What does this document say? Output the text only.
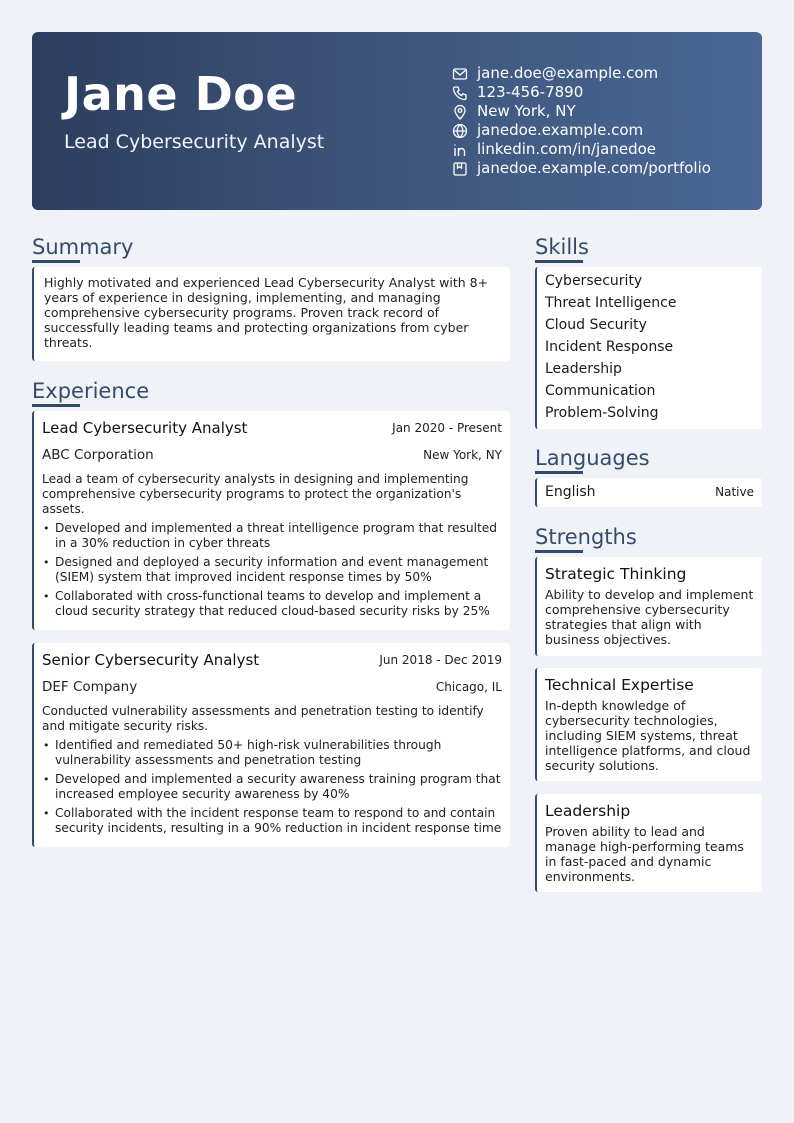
Jane Doe
Lead Cybersecurity Analyst
jane.doe@example.com
123-456-7890
New York, NY
janedoe.example.com
linkedin.com/in/janedoe
janedoe.example.com/portfolio
Summary
Highly motivated and experienced Lead Cybersecurity Analyst with 8+ years of experience in designing, implementing, and managing comprehensive cybersecurity programs. Proven track record of successfully leading teams and protecting organizations from cyber threats.
Experience
Lead Cybersecurity Analyst	Jan 2020 - Present
ABC Corporation	New York, NY
Lead a team of cybersecurity analysts in designing and implementing comprehensive cybersecurity programs to protect the organization's assets.
• Developed and implemented a threat intelligence program that resulted in a 30% reduction in cyber threats
• Designed and deployed a security information and event management (SIEM) system that improved incident response times by 50%
• Collaborated with cross-functional teams to develop and implement a cloud security strategy that reduced cloud-based security risks by 25%
Senior Cybersecurity Analyst	Jun 2018 - Dec 2019
DEF Company	Chicago, IL
Conducted vulnerability assessments and penetration testing to identify and mitigate security risks.
• Identified and remediated 50+ high-risk vulnerabilities through vulnerability assessments and penetration testing
• Developed and implemented a security awareness training program that increased employee security awareness by 40%
• Collaborated with the incident response team to respond to and contain security incidents, resulting in a 90% reduction in incident response time
Skills
Cybersecurity
Threat Intelligence
Cloud Security
Incident Response
Leadership
Communication
Problem-Solving
Languages
English	Native
Strengths
Strategic Thinking
Ability to develop and implement comprehensive cybersecurity strategies that align with business objectives.
Technical Expertise
In-depth knowledge of cybersecurity technologies, including SIEM systems, threat intelligence platforms, and cloud security solutions.
Leadership
Proven ability to lead and manage high-performing teams in fast-paced and dynamic environments.
